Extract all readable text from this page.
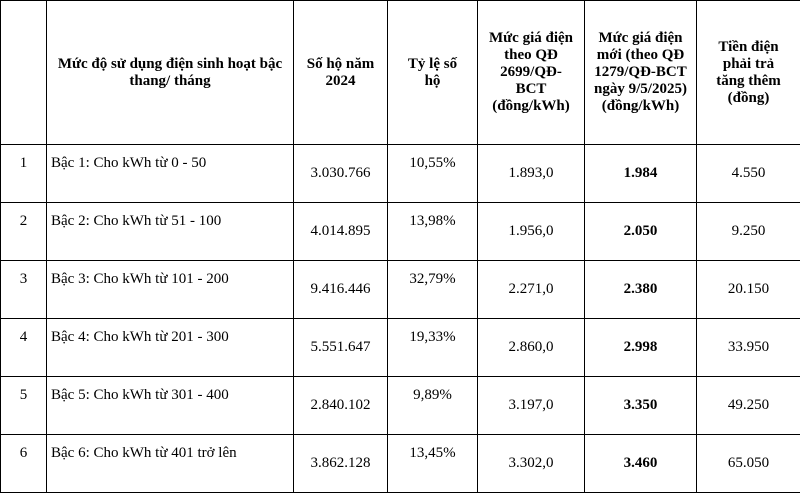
	Mức độ sử dụng điện sinh hoạt bậc thang/ tháng	Số hộ năm 2024	Tỷ lệ số hộ	Mức giá điện theo QĐ 2699/QĐ-BCT (đồng/kWh)	Mức giá điện mới (theo QĐ 1279/QĐ-BCT ngày 9/5/2025) (đồng/kWh)	Tiền điện phải trả tăng thêm (đồng)
1	Bậc 1: Cho kWh từ 0 - 50	3.030.766	10,55%	1.893,0	1.984	4.550
2	Bậc 2: Cho kWh từ 51 - 100	4.014.895	13,98%	1.956,0	2.050	9.250
3	Bậc 3: Cho kWh từ 101 - 200	9.416.446	32,79%	2.271,0	2.380	20.150
4	Bậc 4: Cho kWh từ 201 - 300	5.551.647	19,33%	2.860,0	2.998	33.950
5	Bậc 5: Cho kWh từ 301 - 400	2.840.102	9,89%	3.197,0	3.350	49.250
6	Bậc 6: Cho kWh từ 401 trở lên	3.862.128	13,45%	3.302,0	3.460	65.050
